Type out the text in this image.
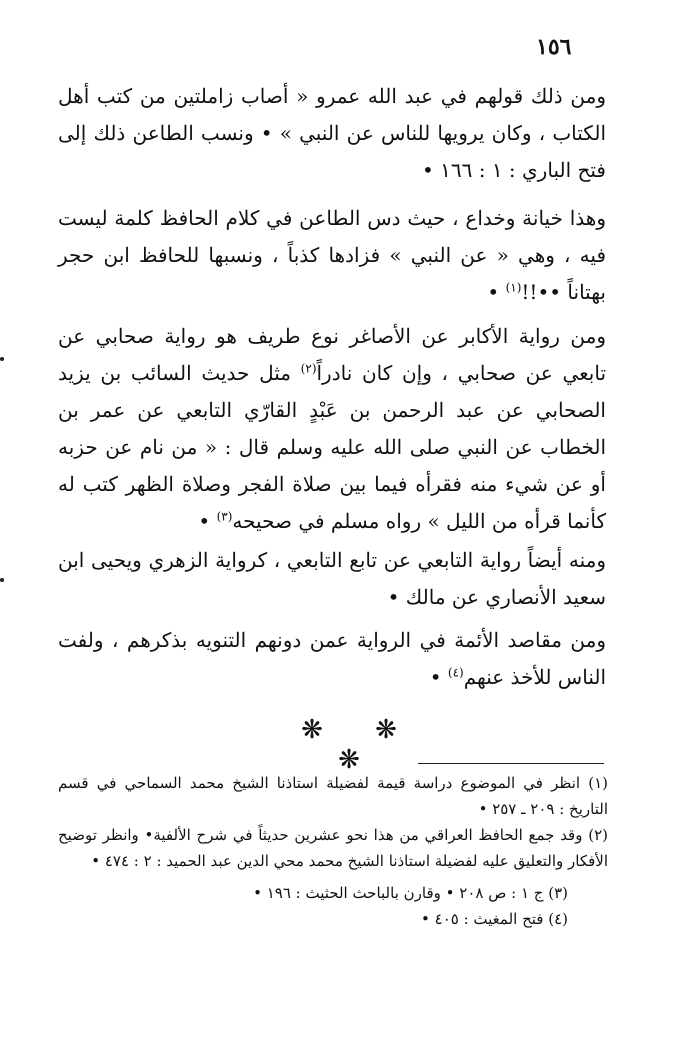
١٥٦
ومن ذلك قولهم في عبد الله عمرو « أصاب زاملتين من كتب أهل الكتاب ، وكان يرويها للناس عن النبي » • ونسب الطاعن ذلك إلى فتح الباري : ١ : ١٦٦ •
وهذا خيانة وخداع ، حيث دس الطاعن في كلام الحافظ كلمة ليست فيه ، وهي « عن النبي » فزادها كذباً ، ونسبها للحافظ ابن حجر بهتاناً ••!!$^{(١)}$ •
ومن رواية الأكابر عن الأصاغر نوع طريف هو رواية صحابي عن تابعي عن صحابي ، وإن كان نادراً$^{(٢)}$ مثل حديث السائب بن يزيد الصحابي عن عبد الرحمن بن عَبْدٍ القارّي التابعي عن عمر بن الخطاب عن النبي صلى الله عليه وسلم قال : « من نام عن حزبه أو عن شيء منه فقرأه فيما بين صلاة الفجر وصلاة الظهر كتب له كأنما قرأه من الليل » رواه مسلم في صحيحه$^{(٣)}$ •
ومنه أيضاً رواية التابعي عن تابع التابعي ، كرواية الزهري ويحيى ابن سعيد الأنصاري عن مالك •
ومن مقاصد الأئمة في الرواية عمن دونهم التنويه بذكرهم ، ولفت الناس للأخذ عنهم$^{(٤)}$ •
❋ ❋ ❋

(١) انظر في الموضوع دراسة قيمة لفضيلة استاذنا الشيخ محمد السماحي في قسم التاريخ : ٢٠٩ ـ ٢٥٧ •

(٢) وقد جمع الحافظ العراقي من هذا نحو عشرين حديثاً في شرح الألفية• وانظر توضيح الأفكار والتعليق عليه لفضيلة استاذنا الشيخ محمد محي الدين عبد الحميد : ٢ : ٤٧٤ •

(٣) ج ١ : ص ٢٠٨ • وقارن بالباحث الحثيث : ١٩٦ •

(٤) فتح المغيث : ٤٠٥ •
